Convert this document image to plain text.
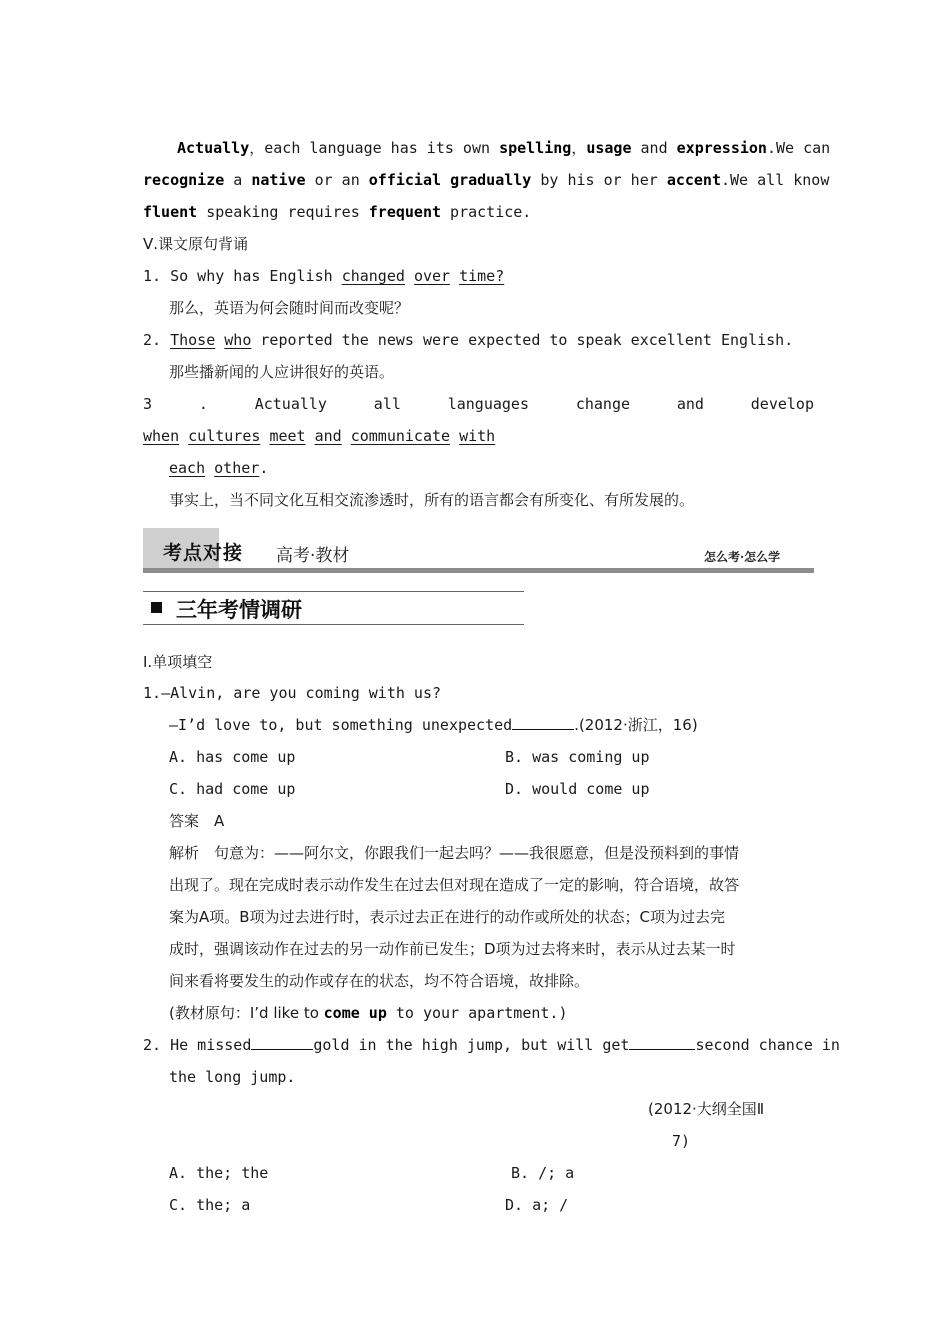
Actually，each language has its own spelling，usage and expression.We can
recognize a native or an official gradually by his or her accent.We all know
fluent speaking requires frequent practice.
Ⅴ.课文原句背诵
1. So why has English changed over time?
那么，英语为何会随时间而改变呢？
2. Those who reported the news were expected to speak excellent English.
那些播新闻的人应讲很好的英语。
3	.	Actually	all	languages	change	and	develop
when cultures meet and communicate with
each other.
事实上，当不同文化互相交流渗透时，所有的语言都会有所变化、有所发展的。
考点对接 高考·教材	怎么考·怎么学
三年考情调研
Ⅰ.单项填空
1.—Alvin, are you coming with us?
—I’d love to, but something unexpected	.(2012·浙江，16)
A. has come up	B. was coming up
C. had come up	D. would come up
答案　A
解析　句意为：——阿尔文，你跟我们一起去吗？——我很愿意，但是没预料到的事情
出现了。现在完成时表示动作发生在过去但对现在造成了一定的影响，符合语境，故答
案为A项。B项为过去进行时，表示过去正在进行的动作或所处的状态；C项为过去完
成时，强调该动作在过去的另一动作前已发生；D项为过去将来时，表示从过去某一时
间来看将要发生的动作或存在的状态，均不符合语境，故排除。
(教材原句：I’d like to come up to your apartment.)
2. He missed	gold in the high jump, but will get	second chance in
the long jump.
(2012·大纲全国Ⅱ
7)
A. the; the	B. /; a
C. the; a	D. a; /
